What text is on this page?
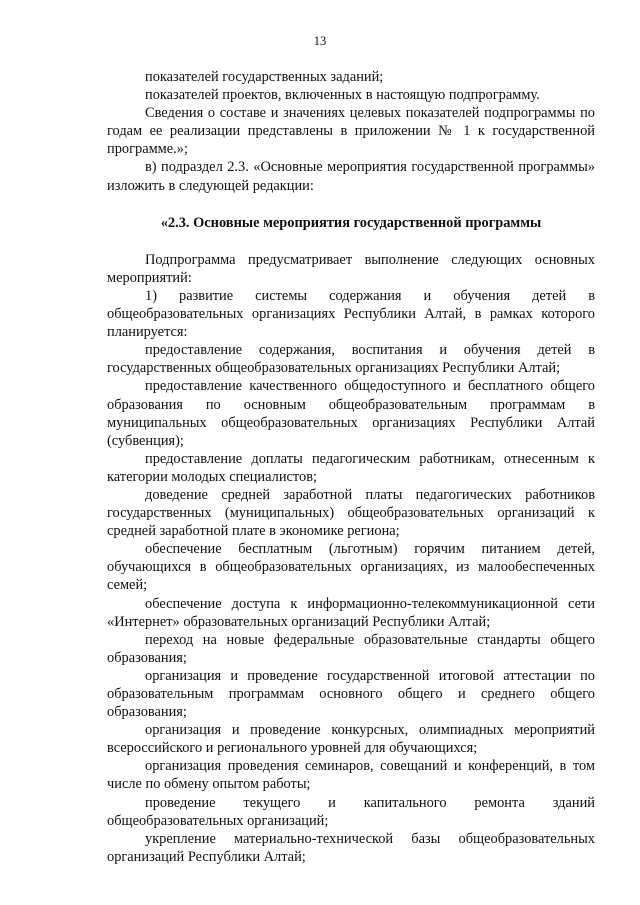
13

показателей государственных заданий;

показателей проектов, включенных в настоящую подпрограмму.

Сведения о составе и значениях целевых показателей подпрограммы по годам ее реализации представлены в приложении № 1 к государственной программе.»;

в) подраздел 2.3. «Основные мероприятия государственной программы» изложить в следующей редакции:

«2.3. Основные мероприятия государственной программы

Подпрограмма предусматривает выполнение следующих основных мероприятий:

1) развитие системы содержания и обучения детей в общеобразовательных организациях Республики Алтай, в рамках которого планируется:

предоставление содержания, воспитания и обучения детей в государственных общеобразовательных организациях Республики Алтай;

предоставление качественного общедоступного и бесплатного общего образования по основным общеобразовательным программам в муниципальных общеобразовательных организациях Республики Алтай (субвенция);

предоставление доплаты педагогическим работникам, отнесенным к категории молодых специалистов;

доведение средней заработной платы педагогических работников государственных (муниципальных) общеобразовательных организаций к средней заработной плате в экономике региона;

обеспечение бесплатным (льготным) горячим питанием детей, обучающихся в общеобразовательных организациях, из малообеспеченных семей;

обеспечение доступа к информационно-телекоммуникационной сети «Интернет» образовательных организаций Республики Алтай;

переход на новые федеральные образовательные стандарты общего образования;

организация и проведение государственной итоговой аттестации по образовательным программам основного общего и среднего общего образования;

организация и проведение конкурсных, олимпиадных мероприятий всероссийского и регионального уровней для обучающихся;

организация проведения семинаров, совещаний и конференций, в том числе по обмену опытом работы;

проведение текущего и капитального ремонта зданий общеобразовательных организаций;

укрепление материально-технической базы общеобразовательных организаций Республики Алтай;
